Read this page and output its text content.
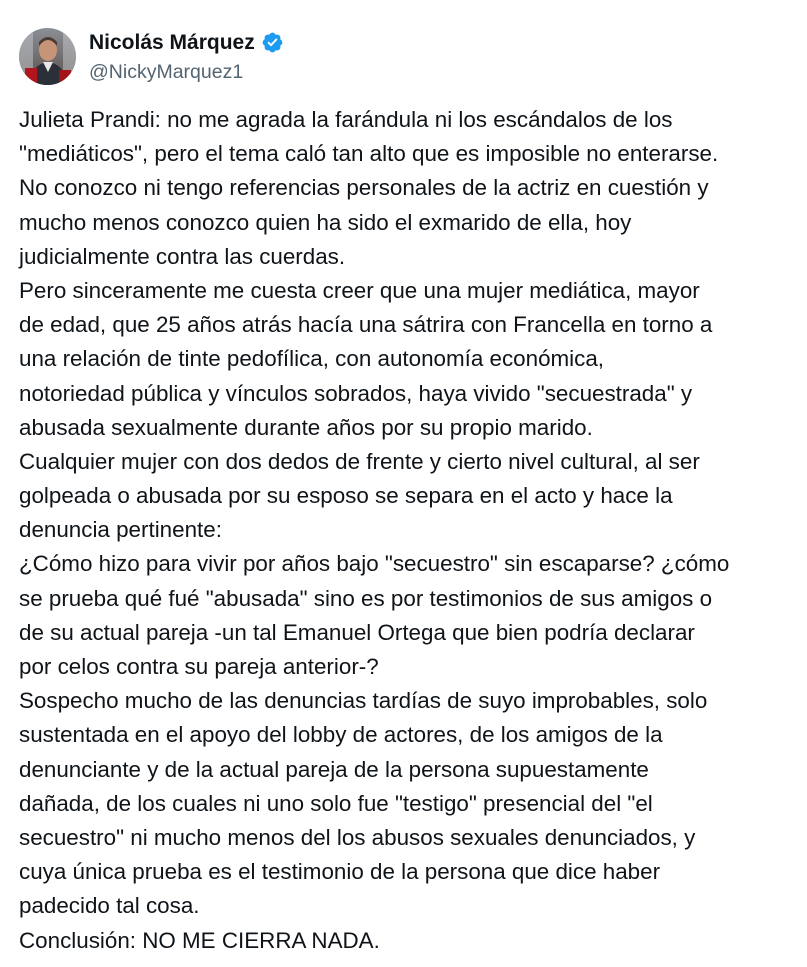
Nicolás Márquez
@NickyMarquez1
Julieta Prandi: no me agrada la farándula ni los escándalos de los
"mediáticos", pero el tema caló tan alto que es imposible no enterarse.
No conozco ni tengo referencias personales de la actriz en cuestión y
mucho menos conozco quien ha sido el exmarido de ella, hoy
judicialmente contra las cuerdas.
Pero sinceramente me cuesta creer que una mujer mediática, mayor
de edad, que 25 años atrás hacía una sátrira con Francella en torno a
una relación de tinte pedofílica, con autonomía económica,
notoriedad pública y vínculos sobrados, haya vivido "secuestrada" y
abusada sexualmente durante años por su propio marido.
Cualquier mujer con dos dedos de frente y cierto nivel cultural, al ser
golpeada o abusada por su esposo se separa en el acto y hace la
denuncia pertinente:
¿Cómo hizo para vivir por años bajo "secuestro" sin escaparse? ¿cómo
se prueba qué fué "abusada" sino es por testimonios de sus amigos o
de su actual pareja -un tal Emanuel Ortega que bien podría declarar
por celos contra su pareja anterior-?
Sospecho mucho de las denuncias tardías de suyo improbables, solo
sustentada en el apoyo del lobby de actores, de los amigos de la
denunciante y de la actual pareja de la persona supuestamente
dañada, de los cuales ni uno solo fue "testigo" presencial del "el
secuestro" ni mucho menos del los abusos sexuales denunciados, y
cuya única prueba es el testimonio de la persona que dice haber
padecido tal cosa.
Conclusión: NO ME CIERRA NADA.
